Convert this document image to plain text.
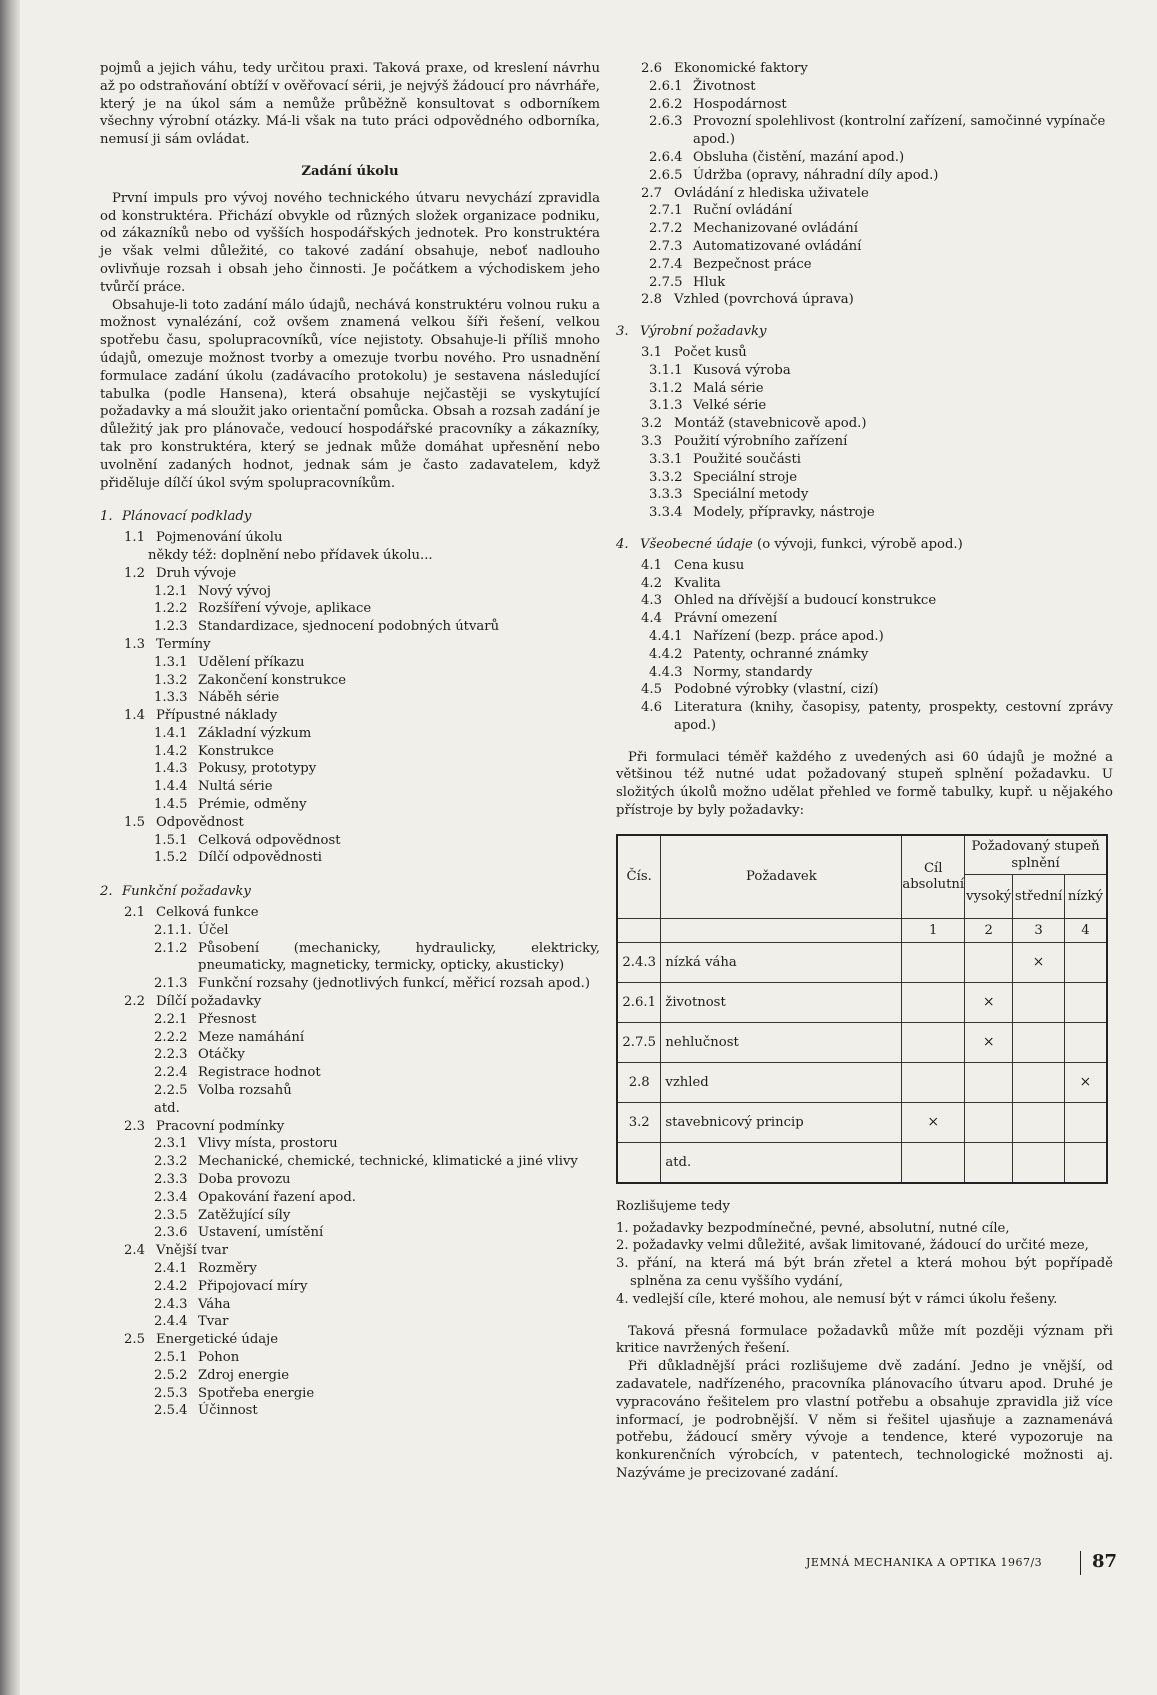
pojmů a jejich váhu, tedy určitou praxi. Taková praxe, od kreslení návrhu až po odstraňování obtíží v ověřovací sérii, je nejvýš žádoucí pro návrháře, který je na úkol sám a nemůže průběžně konsultovat s odborníkem všechny výrobní otázky. Má-li však na tuto práci odpovědného odborníka, nemusí ji sám ovládat.

Zadání úkolu

První impuls pro vývoj nového technického útvaru nevychází zpravidla od konstruktéra. Přichází obvykle od různých složek organizace podniku, od zákazníků nebo od vyšších hospodářských jednotek. Pro konstruktéra je však velmi důležité, co takové zadání obsahuje, neboť nadlouho ovlivňuje rozsah i obsah jeho činnosti. Je počátkem a východiskem jeho tvůrčí práce.

Obsahuje-li toto zadání málo údajů, nechává konstruktéru volnou ruku a možnost vynalézání, což ovšem znamená velkou šíři řešení, velkou spotřebu času, spolupracovníků, více nejistoty. Obsahuje-li příliš mnoho údajů, omezuje možnost tvorby a omezuje tvorbu nového. Pro usnadnění formulace zadání úkolu (zadávacího protokolu) je sestavena následující tabulka (podle Hansena), která obsahuje nejčastěji se vyskytující požadavky a má sloužit jako orientační pomůcka. Obsah a rozsah zadání je důležitý jak pro plánovače, vedoucí hospodářské pracovníky a zákazníky, tak pro konstruktéra, který se jednak může domáhat upřesnění nebo uvolnění zadaných hodnot, jednak sám je často zadavatelem, když přiděluje dílčí úkol svým spolupracovníkům.

1. Plánovací podklady
1.1 Pojmenování úkolu
někdy též: doplnění nebo přídavek úkolu...
1.2 Druh vývoje
1.2.1 Nový vývoj
1.2.2 Rozšíření vývoje, aplikace
1.2.3 Standardizace, sjednocení podobných útvarů
1.3 Termíny
1.3.1 Udělení příkazu
1.3.2 Zakončení konstrukce
1.3.3 Náběh série
1.4 Přípustné náklady
1.4.1 Základní výzkum
1.4.2 Konstrukce
1.4.3 Pokusy, prototypy
1.4.4 Nultá série
1.4.5 Prémie, odměny
1.5 Odpovědnost
1.5.1 Celková odpovědnost
1.5.2 Dílčí odpovědnosti
2. Funkční požadavky
2.1 Celková funkce
2.1.1. Účel
2.1.2 Působení (mechanicky, hydraulicky, elektricky, pneumaticky, magneticky, termicky, opticky, akusticky)
2.1.3 Funkční rozsahy (jednotlivých funkcí, měřicí rozsah apod.)
2.2 Dílčí požadavky
2.2.1 Přesnost
2.2.2 Meze namáhání
2.2.3 Otáčky
2.2.4 Registrace hodnot
2.2.5 Volba rozsahů
atd.
2.3 Pracovní podmínky
2.3.1 Vlivy místa, prostoru
2.3.2 Mechanické, chemické, technické, klimatické a jiné vlivy
2.3.3 Doba provozu
2.3.4 Opakování řazení apod.
2.3.5 Zatěžující síly
2.3.6 Ustavení, umístění
2.4 Vnější tvar
2.4.1 Rozměry
2.4.2 Připojovací míry
2.4.3 Váha
2.4.4 Tvar
2.5 Energetické údaje
2.5.1 Pohon
2.5.2 Zdroj energie
2.5.3 Spotřeba energie
2.5.4 Účinnost
2.6 Ekonomické faktory
2.6.1 Životnost
2.6.2 Hospodárnost
2.6.3 Provozní spolehlivost (kontrolní zařízení, samočinné vypínače apod.)
2.6.4 Obsluha (čistění, mazání apod.)
2.6.5 Údržba (opravy, náhradní díly apod.)
2.7 Ovládání z hlediska uživatele
2.7.1 Ruční ovládání
2.7.2 Mechanizované ovládání
2.7.3 Automatizované ovládání
2.7.4 Bezpečnost práce
2.7.5 Hluk
2.8 Vzhled (povrchová úprava)
3. Výrobní požadavky
3.1 Počet kusů
3.1.1 Kusová výroba
3.1.2 Malá série
3.1.3 Velké série
3.2 Montáž (stavebnicově apod.)
3.3 Použití výrobního zařízení
3.3.1 Použité součásti
3.3.2 Speciální stroje
3.3.3 Speciální metody
3.3.4 Modely, přípravky, nástroje
4. Všeobecné údaje (o vývoji, funkci, výrobě apod.)
4.1 Cena kusu
4.2 Kvalita
4.3 Ohled na dřívější a budoucí konstrukce
4.4 Právní omezení
4.4.1 Nařízení (bezp. práce apod.)
4.4.2 Patenty, ochranné známky
4.4.3 Normy, standardy
4.5 Podobné výrobky (vlastní, cizí)
4.6 Literatura (knihy, časopisy, patenty, prospekty, cestovní zprávy apod.)

Při formulaci téměř každého z uvedených asi 60 údajů je možné a většinou též nutné udat požadovaný stupeň splnění požadavku. U složitých úkolů možno udělat přehled ve formě tabulky, kupř. u nějakého přístroje by byly požadavky:

Čís.	Požadavek	Cíl absolutní	Požadovaný stupeň splnění		
			vysoký	střední	nízký
		1	2	3	4
2.4.3	nízká váha			×	
2.6.1	životnost		×		
2.7.5	nehlučnost		×		
2.8	vzhled				×
3.2	stavebnicový princip	×			
	atd.				
Rozlišujeme tedy
1. požadavky bezpodmínečné, pevné, absolutní, nutné cíle,
2. požadavky velmi důležité, avšak limitované, žádoucí do určité meze,
3. přání, na která má být brán zřetel a která mohou být popřípadě splněna za cenu vyššího vydání,
4. vedlejší cíle, které mohou, ale nemusí být v rámci úkolu řešeny.

Taková přesná formulace požadavků může mít později význam při kritice navržených řešení.

Při důkladnější práci rozlišujeme dvě zadání. Jedno je vnější, od zadavatele, nadřízeného, pracovníka plánovacího útvaru apod. Druhé je vypracováno řešitelem pro vlastní potřebu a obsahuje zpravidla již více informací, je podrobnější. V něm si řešitel ujasňuje a zaznamenává potřebu, žádoucí směry vývoje a tendence, které vypozoruje na konkurenčních výrobcích, v patentech, technologické možnosti aj. Nazýváme je precizované zadání.

JEMNÁ MECHANIKA A OPTIKA 1967/3	87
